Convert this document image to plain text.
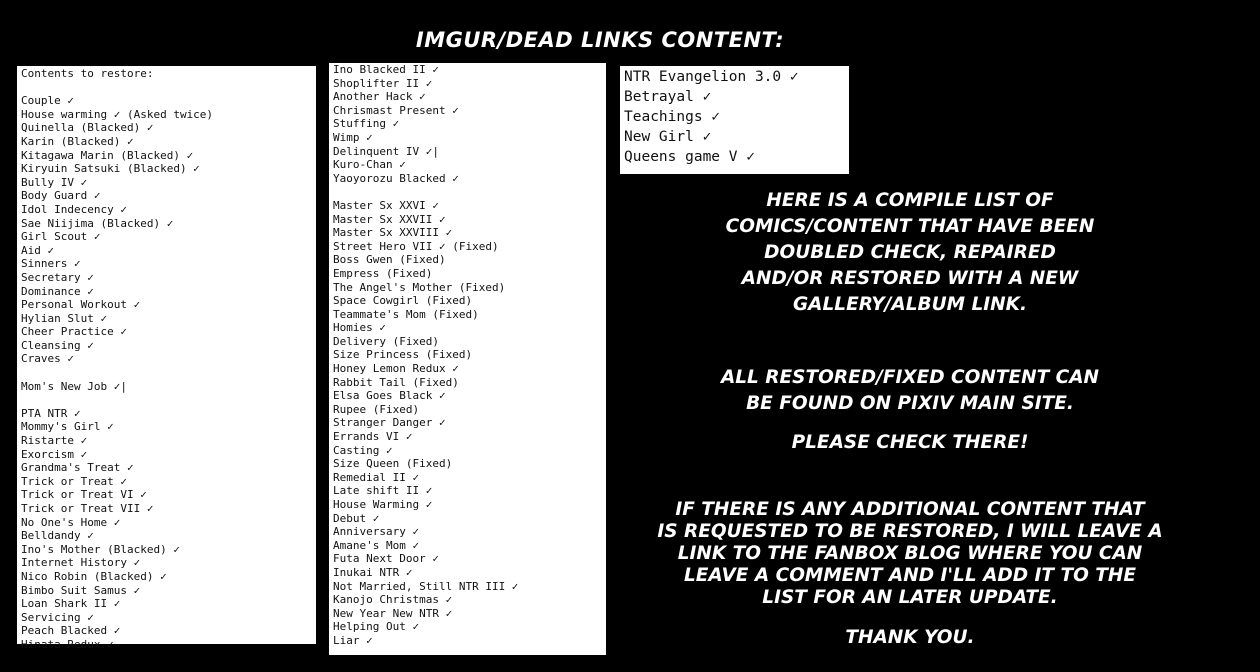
IMGUR/DEAD LINKS CONTENT:
Contents to restore:
Couple ✓
House warming ✓ (Asked twice)
Quinella (Blacked) ✓
Karin (Blacked) ✓
Kitagawa Marin (Blacked) ✓
Kiryuin Satsuki (Blacked) ✓
Bully IV ✓
Body Guard ✓
Idol Indecency ✓
Sae Niijima (Blacked) ✓
Girl Scout ✓
Aid ✓
Sinners ✓
Secretary ✓
Dominance ✓
Personal Workout ✓
Hylian Slut ✓
Cheer Practice ✓
Cleansing ✓
Craves ✓
Mom's New Job ✓|
PTA NTR ✓
Mommy's Girl ✓
Ristarte ✓
Exorcism ✓
Grandma's Treat ✓
Trick or Treat ✓
Trick or Treat VI ✓
Trick or Treat VII ✓
No One's Home ✓
Belldandy ✓
Ino's Mother (Blacked) ✓
Internet History ✓
Nico Robin (Blacked) ✓
Bimbo Suit Samus ✓
Loan Shark II ✓
Servicing ✓
Peach Blacked ✓
Hinata Redux ✓
Ino Blacked II ✓
Shoplifter II ✓
Another Hack ✓
Chrismast Present ✓
Stuffing ✓
Wimp ✓
Delinquent IV ✓|
Kuro-Chan ✓
Yaoyorozu Blacked ✓
Master Sx XXVI ✓
Master Sx XXVII ✓
Master Sx XXVIII ✓
Street Hero VII ✓ (Fixed)
Boss Gwen (Fixed)
Empress (Fixed)
The Angel's Mother (Fixed)
Space Cowgirl (Fixed)
Teammate's Mom (Fixed)
Homies ✓
Delivery (Fixed)
Size Princess (Fixed)
Honey Lemon Redux ✓
Rabbit Tail (Fixed)
Elsa Goes Black ✓
Rupee (Fixed)
Stranger Danger ✓
Errands VI ✓
Casting ✓
Size Queen (Fixed)
Remedial II ✓
Late shift II ✓
House Warming ✓
Debut ✓
Anniversary ✓
Amane's Mom ✓
Futa Next Door ✓
Inukai NTR ✓
Not Married, Still NTR III ✓
Kanojo Christmas ✓
New Year New NTR ✓
Helping Out ✓
Liar ✓
NTR Evangelion 3.0 ✓
Betrayal ✓
Teachings ✓
New Girl ✓
Queens game V ✓
HERE IS A COMPILE LIST OF
COMICS/CONTENT THAT HAVE BEEN
DOUBLED CHECK, REPAIRED
AND/OR RESTORED WITH A NEW
GALLERY/ALBUM LINK.
ALL RESTORED/FIXED CONTENT CAN
BE FOUND ON PIXIV MAIN SITE.
PLEASE CHECK THERE!
IF THERE IS ANY ADDITIONAL CONTENT THAT
IS REQUESTED TO BE RESTORED, I WILL LEAVE A
LINK TO THE FANBOX BLOG WHERE YOU CAN
LEAVE A COMMENT AND I'LL ADD IT TO THE
LIST FOR AN LATER UPDATE.
THANK YOU.
